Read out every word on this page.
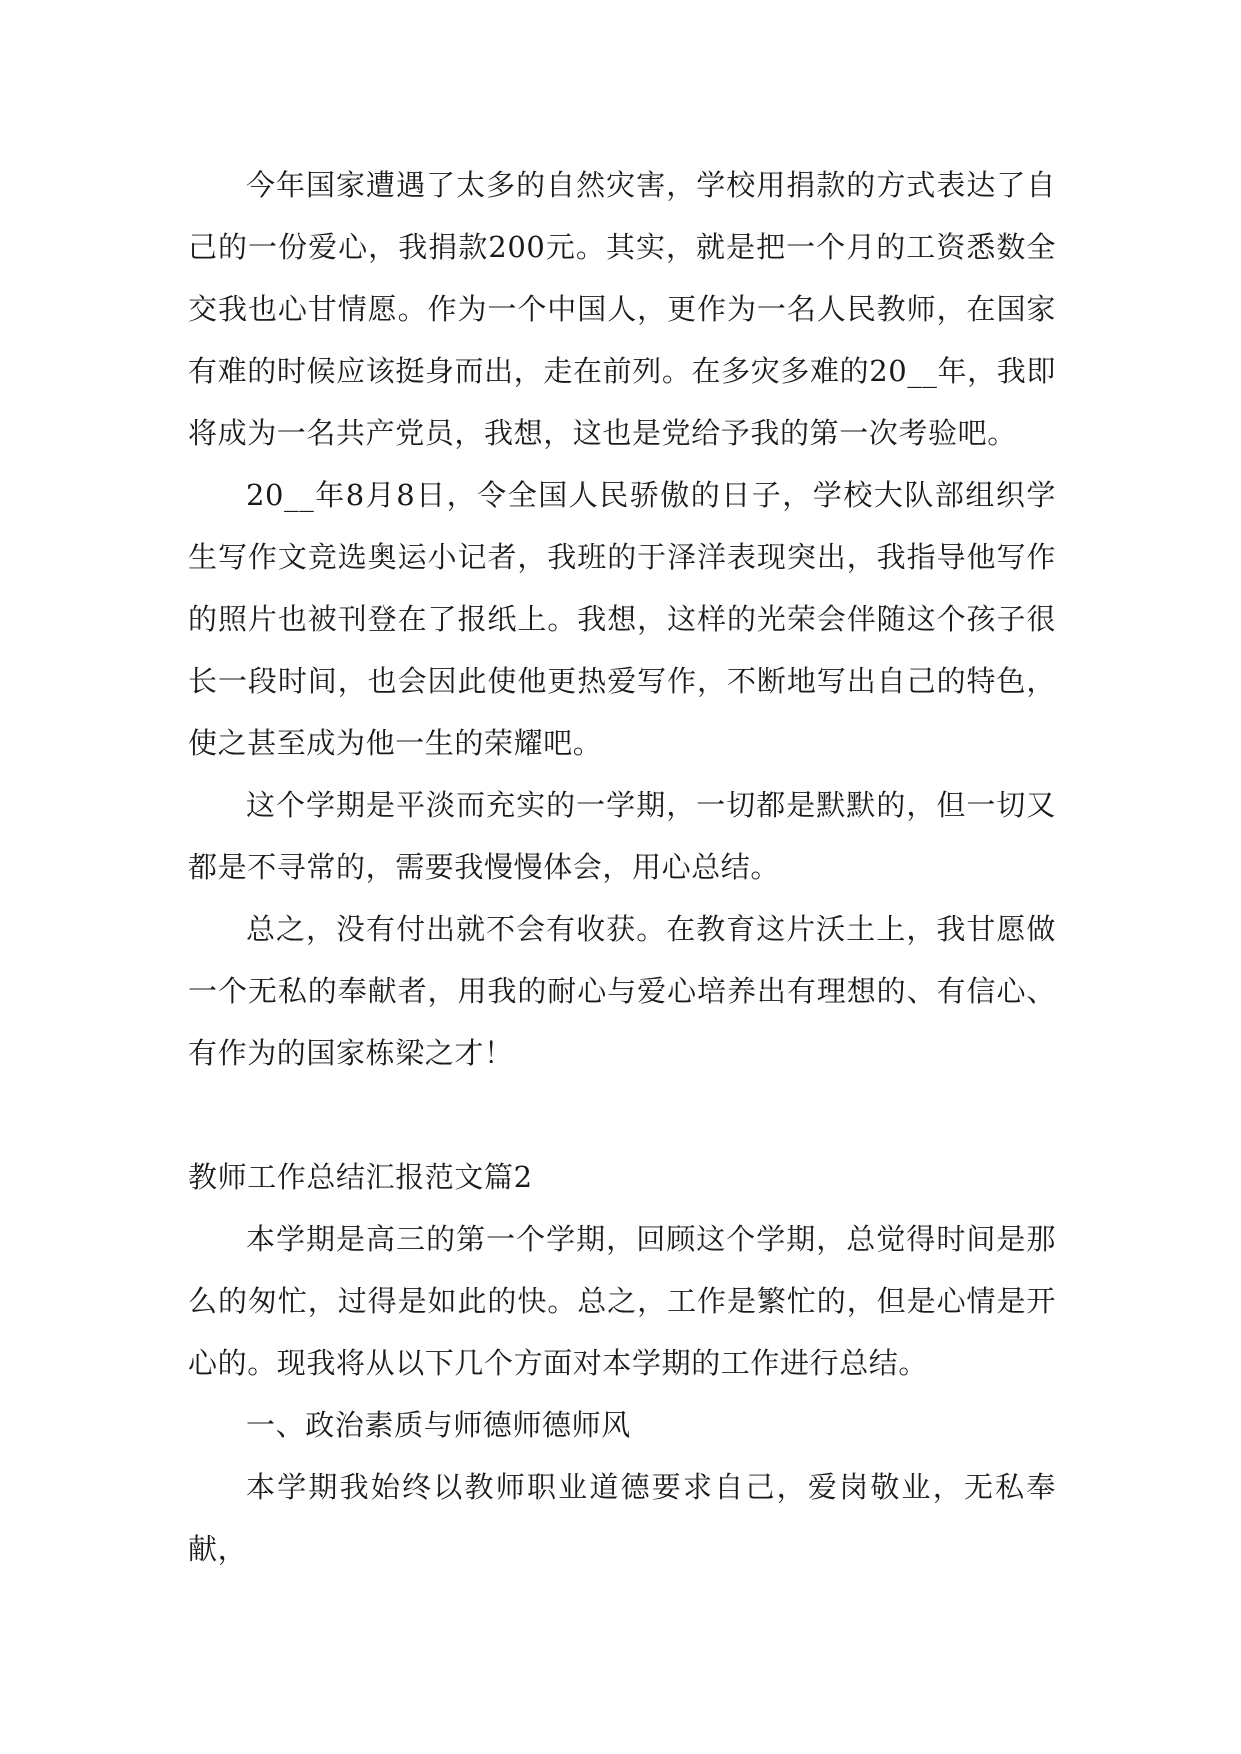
今年国家遭遇了太多的自然灾害，学校用捐款的方式表达了自己的一份爱心，我捐款200元。其实，就是把一个月的工资悉数全交我也心甘情愿。作为一个中国人，更作为一名人民教师，在国家有难的时候应该挺身而出，走在前列。在多灾多难的20__年，我即将成为一名共产党员，我想，这也是党给予我的第一次考验吧。

20__年8月8日，令全国人民骄傲的日子，学校大队部组织学生写作文竞选奥运小记者，我班的于泽洋表现突出，我指导他写作的照片也被刊登在了报纸上。我想，这样的光荣会伴随这个孩子很长一段时间，也会因此使他更热爱写作，不断地写出自己的特色，使之甚至成为他一生的荣耀吧。

这个学期是平淡而充实的一学期，一切都是默默的，但一切又都是不寻常的，需要我慢慢体会，用心总结。

总之，没有付出就不会有收获。在教育这片沃土上，我甘愿做一个无私的奉献者，用我的耐心与爱心培养出有理想的、有信心、有作为的国家栋梁之才！

教师工作总结汇报范文篇2

本学期是高三的第一个学期，回顾这个学期，总觉得时间是那么的匆忙，过得是如此的快。总之，工作是繁忙的，但是心情是开心的。现我将从以下几个方面对本学期的工作进行总结。

一、政治素质与师德师德师风

本学期我始终以教师职业道德要求自己，爱岗敬业，无私奉献，
